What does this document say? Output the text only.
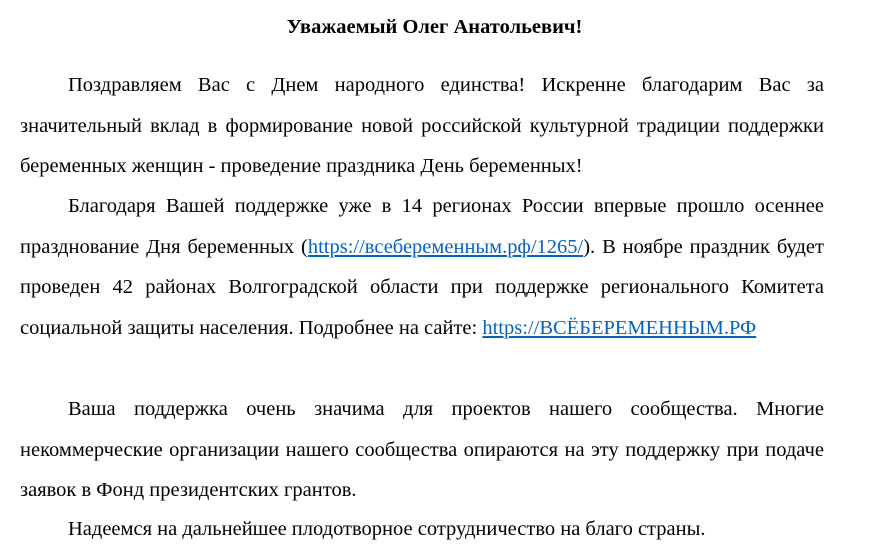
Уважаемый Олег Анатольевич!

Поздравляем Вас с Днем народного единства! Искренне благодарим Вас за значительный вклад в формирование новой российской культурной традиции поддержки беременных женщин - проведение праздника День беременных!

Благодаря Вашей поддержке уже в 14 регионах России впервые прошло осеннее празднование Дня беременных (https://всебеременным.рф/1265/). В ноябре праздник будет проведен 42 районах Волгоградской области при поддержке регионального Комитета социальной защиты населения. Подробнее на сайте: https://ВСЁБЕРЕМЕННЫМ.РФ

Ваша поддержка очень значима для проектов нашего сообщества. Многие некоммерческие организации нашего сообщества опираются на эту поддержку при подаче заявок в Фонд президентских грантов.

Надеемся на дальнейшее плодотворное сотрудничество на благо страны.
